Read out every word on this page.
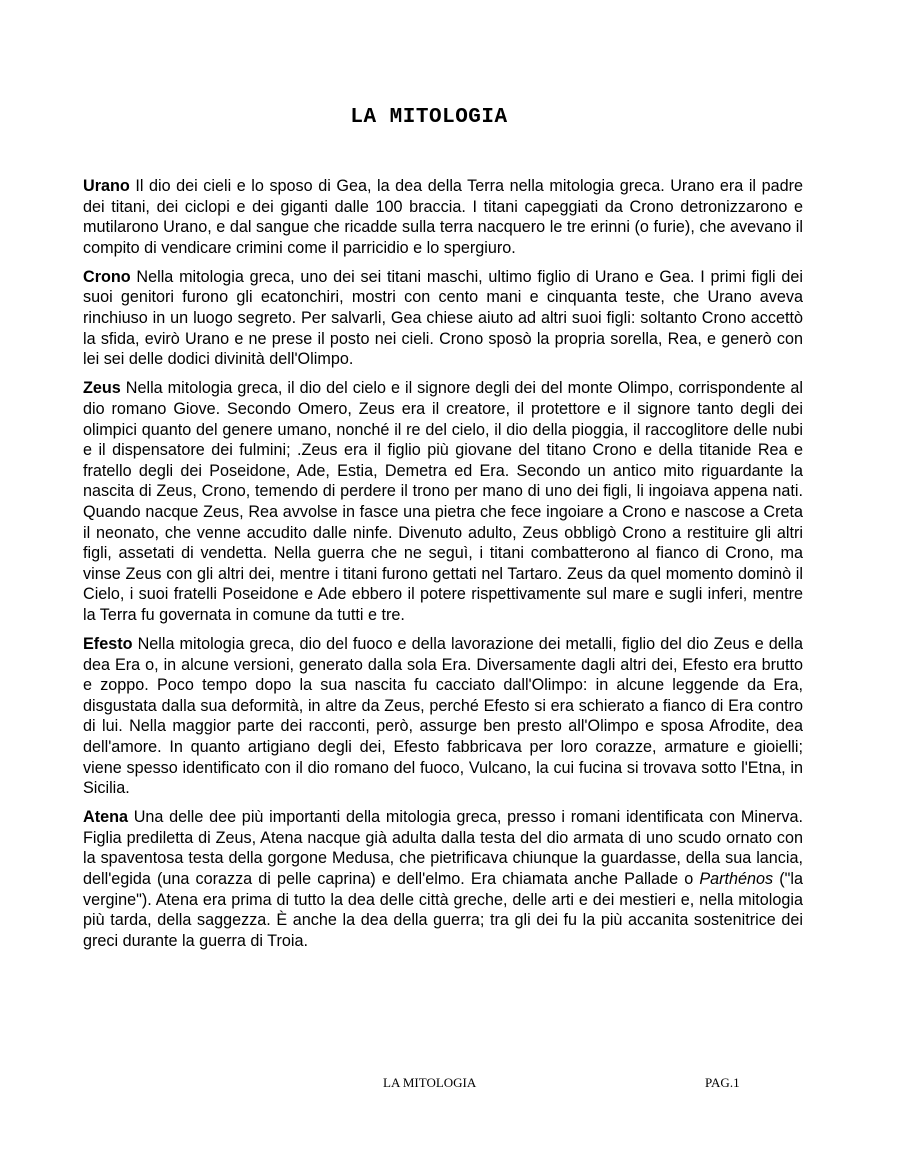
LA MITOLOGIA

Urano Il dio dei cieli e lo sposo di Gea, la dea della Terra nella mitologia greca. Urano era il padre dei titani, dei ciclopi e dei giganti dalle 100 braccia. I titani capeggiati da Crono detronizzarono e mutilarono Urano, e dal sangue che ricadde sulla terra nacquero le tre erinni (o furie), che avevano il compito di vendicare crimini come il parricidio e lo spergiuro.

Crono Nella mitologia greca, uno dei sei titani maschi, ultimo figlio di Urano e Gea. I primi figli dei suoi genitori furono gli ecatonchiri, mostri con cento mani e cinquanta teste, che Urano aveva rinchiuso in un luogo segreto. Per salvarli, Gea chiese aiuto ad altri suoi figli: soltanto Crono accettò la sfida, evirò Urano e ne prese il posto nei cieli. Crono sposò la propria sorella, Rea, e generò con lei sei delle dodici divinità dell'Olimpo.

Zeus Nella mitologia greca, il dio del cielo e il signore degli dei del monte Olimpo, corrispondente al dio romano Giove. Secondo Omero, Zeus era il creatore, il protettore e il signore tanto degli dei olimpici quanto del genere umano, nonché il re del cielo, il dio della pioggia, il raccoglitore delle nubi e il dispensatore dei fulmini; .Zeus era il figlio più giovane del titano Crono e della titanide Rea e fratello degli dei Poseidone, Ade, Estia, Demetra ed Era. Secondo un antico mito riguardante la nascita di Zeus, Crono, temendo di perdere il trono per mano di uno dei figli, li ingoiava appena nati. Quando nacque Zeus, Rea avvolse in fasce una pietra che fece ingoiare a Crono e nascose a Creta il neonato, che venne accudito dalle ninfe. Divenuto adulto, Zeus obbligò Crono a restituire gli altri figli, assetati di vendetta. Nella guerra che ne seguì, i titani combatterono al fianco di Crono, ma vinse Zeus con gli altri dei, mentre i titani furono gettati nel Tartaro. Zeus da quel momento dominò il Cielo, i suoi fratelli Poseidone e Ade ebbero il potere rispettivamente sul mare e sugli inferi, mentre la Terra fu governata in comune da tutti e tre.

Efesto Nella mitologia greca, dio del fuoco e della lavorazione dei metalli, figlio del dio Zeus e della dea Era o, in alcune versioni, generato dalla sola Era. Diversamente dagli altri dei, Efesto era brutto e zoppo. Poco tempo dopo la sua nascita fu cacciato dall'Olimpo: in alcune leggende da Era, disgustata dalla sua deformità, in altre da Zeus, perché Efesto si era schierato a fianco di Era contro di lui. Nella maggior parte dei racconti, però, assurge ben presto all'Olimpo e sposa Afrodite, dea dell'amore. In quanto artigiano degli dei, Efesto fabbricava per loro corazze, armature e gioielli; viene spesso identificato con il dio romano del fuoco, Vulcano, la cui fucina si trovava sotto l'Etna, in Sicilia.

Atena Una delle dee più importanti della mitologia greca, presso i romani identificata con Minerva. Figlia prediletta di Zeus, Atena nacque già adulta dalla testa del dio armata di uno scudo ornato con la spaventosa testa della gorgone Medusa, che pietrificava chiunque la guardasse, della sua lancia, dell'egida (una corazza di pelle caprina) e dell'elmo. Era chiamata anche Pallade o Parthénos ("la vergine"). Atena era prima di tutto la dea delle città greche, delle arti e dei mestieri e, nella mitologia più tarda, della saggezza. È anche la dea della guerra; tra gli dei fu la più accanita sostenitrice dei greci durante la guerra di Troia.

LA MITOLOGIA	PAG.1
